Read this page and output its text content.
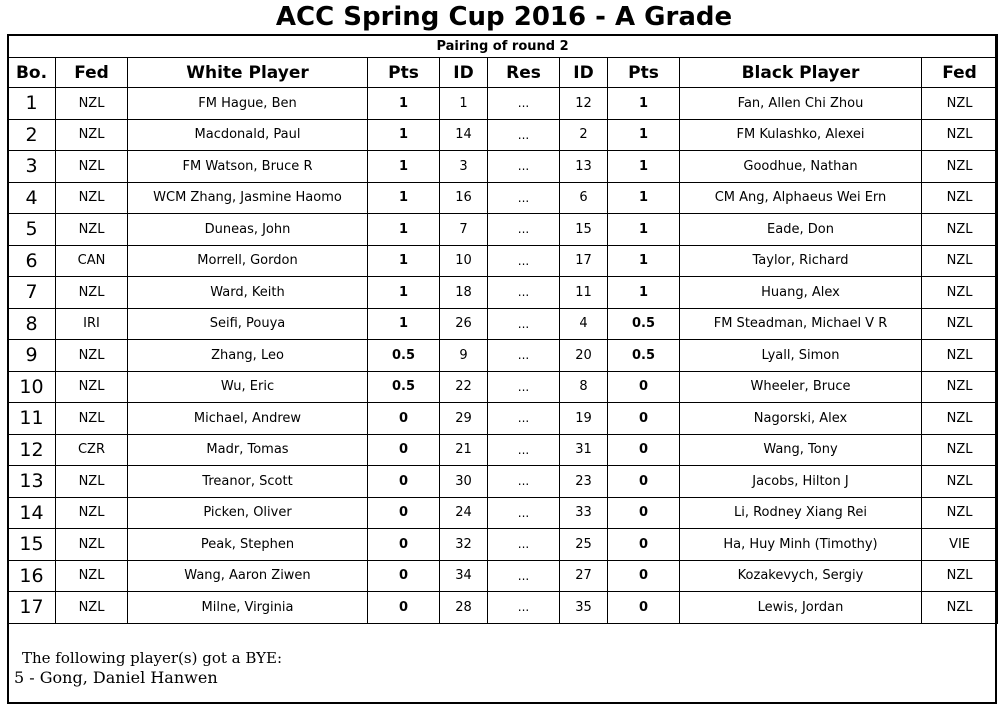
ACC Spring Cup 2016 - A Grade
Pairing of round 2									
Bo.	Fed	White Player	Pts	ID	Res	ID	Pts	Black Player	Fed
1	NZL	FM Hague, Ben	1	1	...	12	1	Fan, Allen Chi Zhou	NZL
2	NZL	Macdonald, Paul	1	14	...	2	1	FM Kulashko, Alexei	NZL
3	NZL	FM Watson, Bruce R	1	3	...	13	1	Goodhue, Nathan	NZL
4	NZL	WCM Zhang, Jasmine Haomo	1	16	...	6	1	CM Ang, Alphaeus Wei Ern	NZL
5	NZL	Duneas, John	1	7	...	15	1	Eade, Don	NZL
6	CAN	Morrell, Gordon	1	10	...	17	1	Taylor, Richard	NZL
7	NZL	Ward, Keith	1	18	...	11	1	Huang, Alex	NZL
8	IRI	Seifi, Pouya	1	26	...	4	0.5	FM Steadman, Michael V R	NZL
9	NZL	Zhang, Leo	0.5	9	...	20	0.5	Lyall, Simon	NZL
10	NZL	Wu, Eric	0.5	22	...	8	0	Wheeler, Bruce	NZL
11	NZL	Michael, Andrew	0	29	...	19	0	Nagorski, Alex	NZL
12	CZR	Madr, Tomas	0	21	...	31	0	Wang, Tony	NZL
13	NZL	Treanor, Scott	0	30	...	23	0	Jacobs, Hilton J	NZL
14	NZL	Picken, Oliver	0	24	...	33	0	Li, Rodney Xiang Rei	NZL
15	NZL	Peak, Stephen	0	32	...	25	0	Ha, Huy Minh (Timothy)	VIE
16	NZL	Wang, Aaron Ziwen	0	34	...	27	0	Kozakevych, Sergiy	NZL
17	NZL	Milne, Virginia	0	28	...	35	0	Lewis, Jordan	NZL
The following player(s) got a BYE:
5 - Gong, Daniel Hanwen
